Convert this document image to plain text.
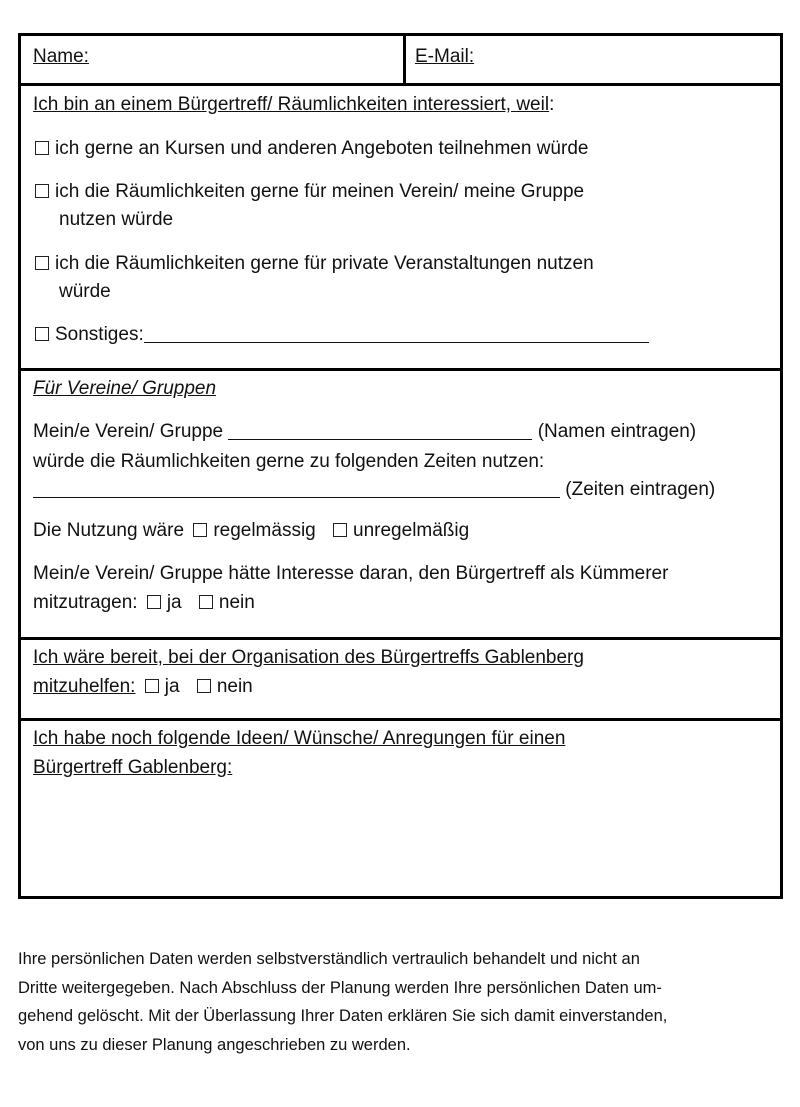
Name:	E-Mail:
Ich bin an einem Bürgertreff/ Räumlichkeiten interessiert, weil:
ich gerne an Kursen und anderen Angeboten teilnehmen würde
ich die Räumlichkeiten gerne für meinen Verein/ meine Gruppe
nutzen würde
ich die Räumlichkeiten gerne für private Veranstaltungen nutzen
würde
Sonstiges:
Für Vereine/ Gruppen
Mein/e Verein/ Gruppe	(Namen eintragen)
würde die Räumlichkeiten gerne zu folgenden Zeiten nutzen:
(Zeiten eintragen)
Die Nutzung wäre regelmässig unregelmäßig
Mein/e Verein/ Gruppe hätte Interesse daran, den Bürgertreff als Kümmerer
mitzutragen: ja nein
Ich wäre bereit, bei der Organisation des Bürgertreffs Gablenberg
mitzuhelfen: ja nein
Ich habe noch folgende Ideen/ Wünsche/ Anregungen für einen
Bürgertreff Gablenberg:

Ihre persönlichen Daten werden selbstverständlich vertraulich behandelt und nicht an

Dritte weitergegeben. Nach Abschluss der Planung werden Ihre persönlichen Daten um-

gehend gelöscht. Mit der Überlassung Ihrer Daten erklären Sie sich damit einverstanden,

von uns zu dieser Planung angeschrieben zu werden.
